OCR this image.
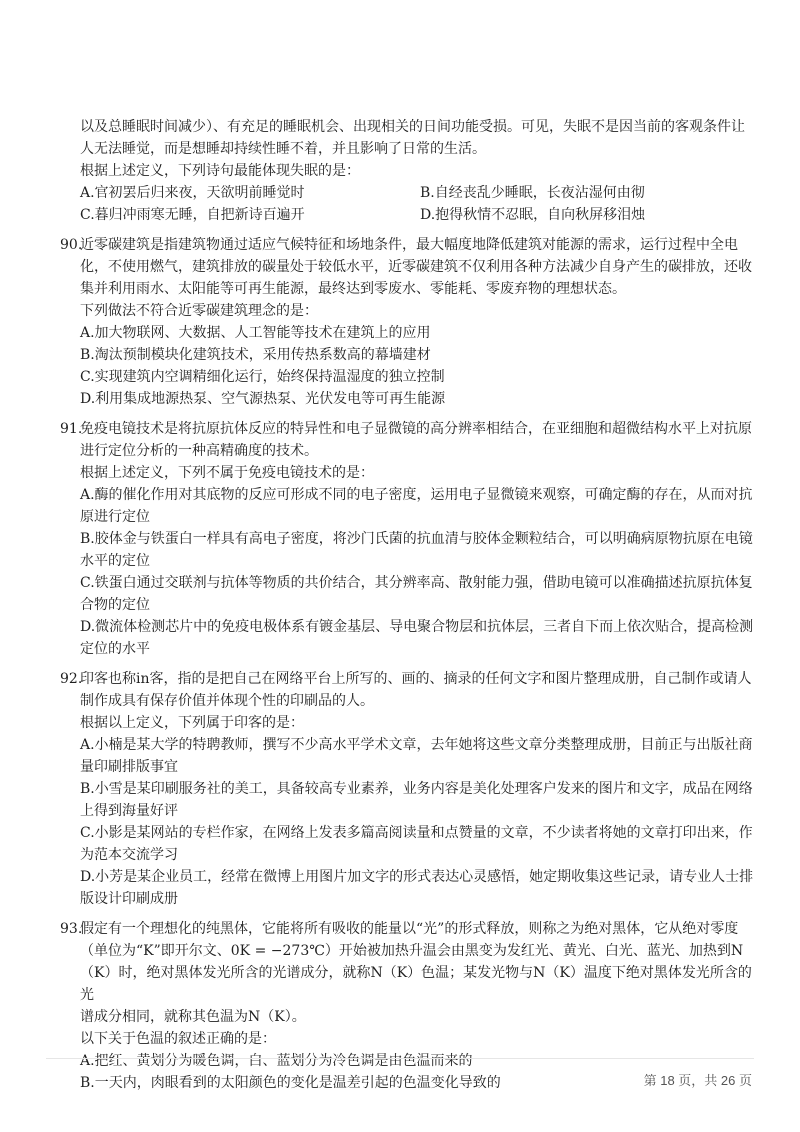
以及总睡眠时间减少）、有充足的睡眠机会、出现相关的日间功能受损。可见，失眠不是因当前的客观条件让

人无法睡觉，而是想睡却持续性睡不着，并且影响了日常的生活。

根据上述定义，下列诗句最能体现失眠的是：

A.官初罢后归来夜，天欲明前睡觉时	B.自经丧乱少睡眠，长夜沾湿何由彻
C.暮归冲雨寒无睡，自把新诗百遍开	D.抱得秋情不忍眠，自向秋屏移泪烛
90.

近零碳建筑是指建筑物通过适应气候特征和场地条件，最大幅度地降低建筑对能源的需求，运行过程中全电

化，不使用燃气，建筑排放的碳量处于较低水平，近零碳建筑不仅利用各种方法减少自身产生的碳排放，还收

集并利用雨水、太阳能等可再生能源，最终达到零废水、零能耗、零废弃物的理想状态。

下列做法不符合近零碳建筑理念的是：

A.加大物联网、大数据、人工智能等技术在建筑上的应用

B.淘汰预制模块化建筑技术，采用传热系数高的幕墙建材

C.实现建筑内空调精细化运行，始终保持温湿度的独立控制

D.利用集成地源热泵、空气源热泵、光伏发电等可再生能源

91.

免疫电镜技术是将抗原抗体反应的特异性和电子显微镜的高分辨率相结合，在亚细胞和超微结构水平上对抗原

进行定位分析的一种高精确度的技术。

根据上述定义，下列不属于免疫电镜技术的是：

A.酶的催化作用对其底物的反应可形成不同的电子密度，运用电子显微镜来观察，可确定酶的存在，从而对抗

原进行定位

B.胶体金与铁蛋白一样具有高电子密度，将沙门氏菌的抗血清与胶体金颗粒结合，可以明确病原物抗原在电镜

水平的定位

C.铁蛋白通过交联剂与抗体等物质的共价结合，其分辨率高、散射能力强，借助电镜可以准确描述抗原抗体复

合物的定位

D.微流体检测芯片中的免疫电极体系有镀金基层、导电聚合物层和抗体层，三者自下而上依次贴合，提高检测

定位的水平

92.

印客也称in客，指的是把自己在网络平台上所写的、画的、摘录的任何文字和图片整理成册，自己制作或请人

制作成具有保存价值并体现个性的印刷品的人。

根据以上定义，下列属于印客的是：

A.小楠是某大学的特聘教师，撰写不少高水平学术文章，去年她将这些文章分类整理成册，目前正与出版社商

量印刷排版事宜

B.小雪是某印刷服务社的美工，具备较高专业素养，业务内容是美化处理客户发来的图片和文字，成品在网络

上得到海量好评

C.小影是某网站的专栏作家，在网络上发表多篇高阅读量和点赞量的文章，不少读者将她的文章打印出来，作

为范本交流学习

D.小芳是某企业员工，经常在微博上用图片加文字的形式表达心灵感悟，她定期收集这些记录，请专业人士排

版设计印刷成册

93.

假定有一个理想化的纯黑体，它能将所有吸收的能量以“光”的形式释放，则称之为绝对黑体，它从绝对零度

（单位为“K”即开尔文、0K = −273℃）开始被加热升温会由黑变为发红光、黄光、白光、蓝光、加热到N

（K）时，绝对黑体发光所含的光谱成分，就称N（K）色温；某发光物与N（K）温度下绝对黑体发光所含的光

谱成分相同，就称其色温为N（K）。

以下关于色温的叙述正确的是：

A.把红、黄划分为暖色调，白、蓝划分为冷色调是由色温而来的

B.一天内，肉眼看到的太阳颜色的变化是温差引起的色温变化导致的	第 18 页，共 26 页
